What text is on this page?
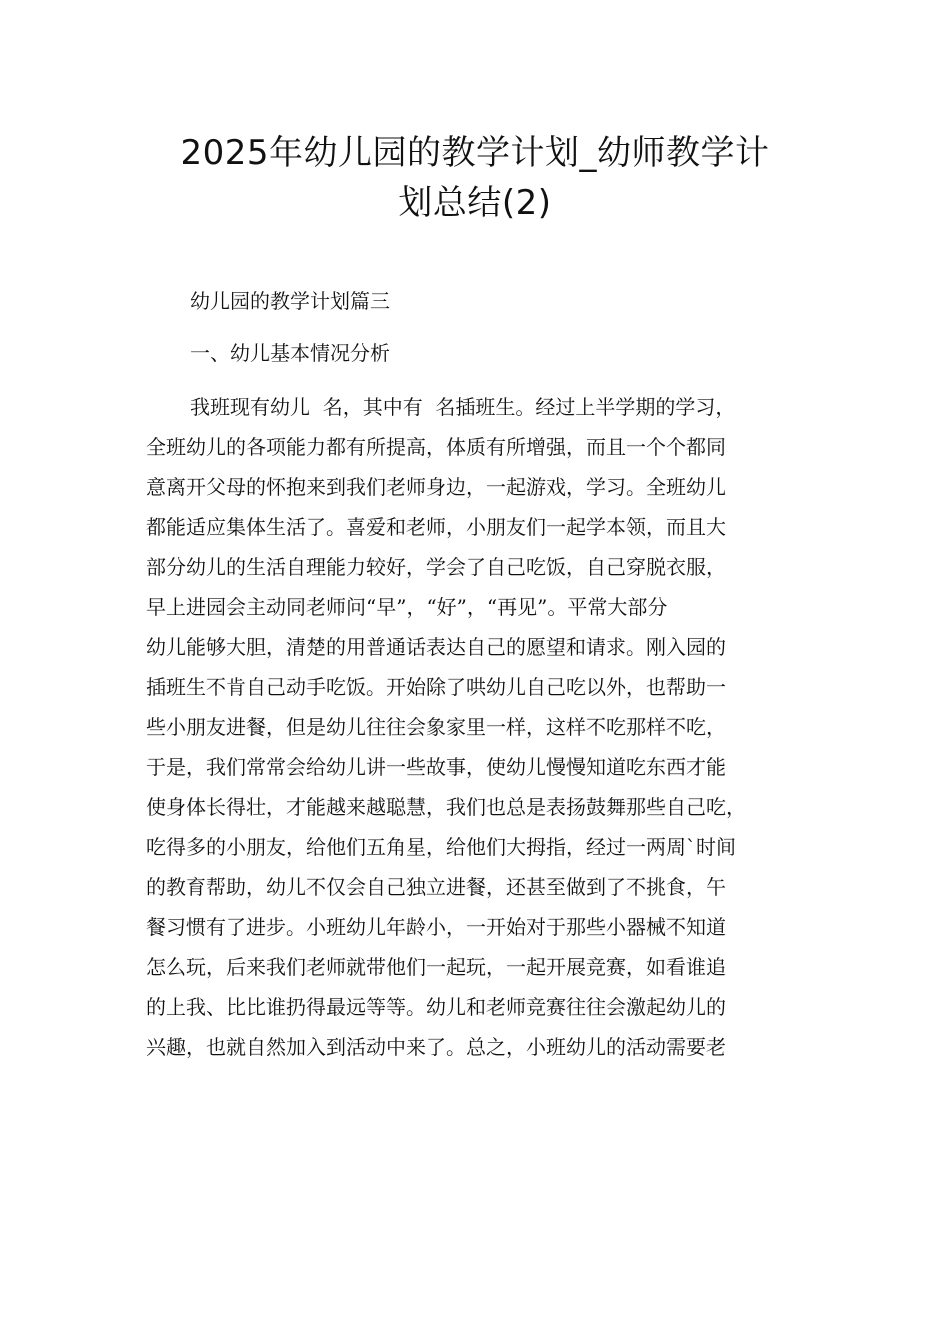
2025年幼儿园的教学计划_幼师教学计
划总结(2)

幼儿园的教学计划篇三

一、幼儿基本情况分析

我班现有幼儿  名，其中有  名插班生。经过上半学期的学习，
全班幼儿的各项能力都有所提高，体质有所增强，而且一个个都同
意离开父母的怀抱来到我们老师身边，一起游戏，学习。全班幼儿
都能适应集体生活了。喜爱和老师，小朋友们一起学本领，而且大
部分幼儿的生活自理能力较好，学会了自己吃饭，自己穿脱衣服，
早上进园会主动同老师问“早”，“好”，“再见”。平常大部分
幼儿能够大胆，清楚的用普通话表达自己的愿望和请求。刚入园的
插班生不肯自己动手吃饭。开始除了哄幼儿自己吃以外，也帮助一
些小朋友进餐，但是幼儿往往会象家里一样，这样不吃那样不吃，
于是，我们常常会给幼儿讲一些故事，使幼儿慢慢知道吃东西才能
使身体长得壮，才能越来越聪慧，我们也总是表扬鼓舞那些自己吃，
吃得多的小朋友，给他们五角星，给他们大拇指，经过一两周`时间
的教育帮助，幼儿不仅会自己独立进餐，还甚至做到了不挑食，午
餐习惯有了进步。小班幼儿年龄小，一开始对于那些小器械不知道
怎么玩，后来我们老师就带他们一起玩，一起开展竞赛，如看谁追
的上我、比比谁扔得最远等等。幼儿和老师竞赛往往会激起幼儿的
兴趣，也就自然加入到活动中来了。总之，小班幼儿的活动需要老
